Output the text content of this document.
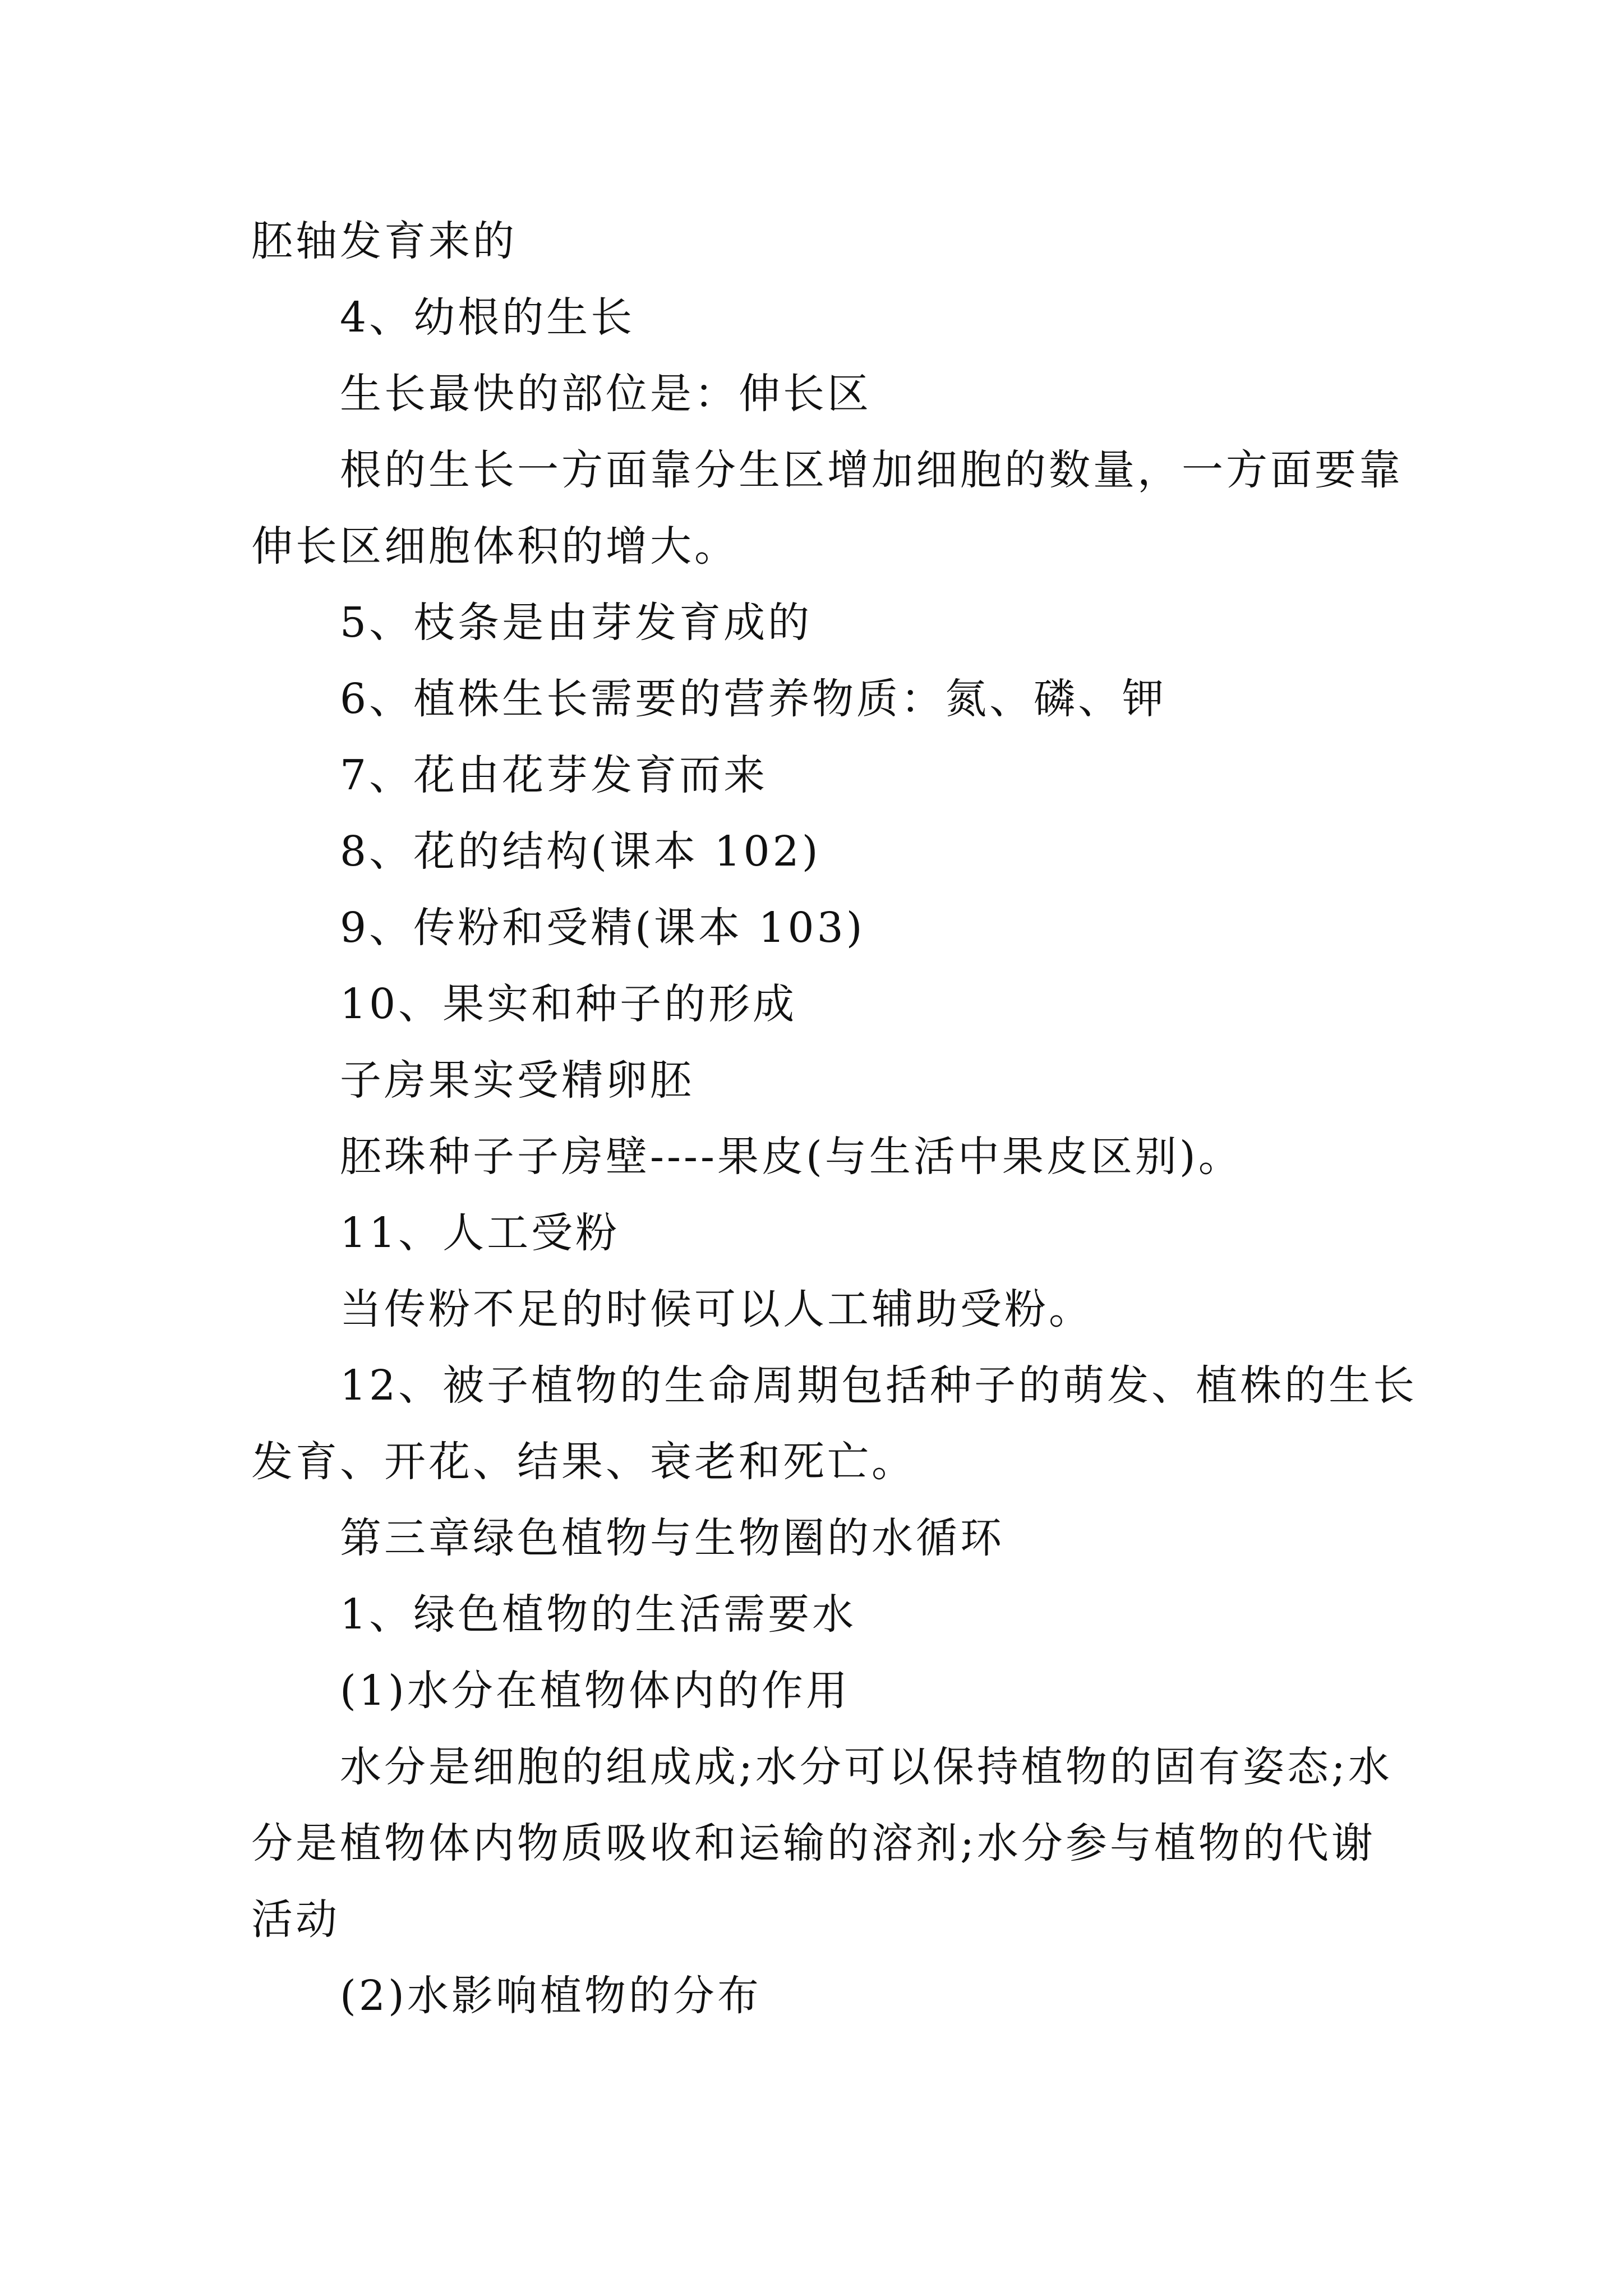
胚轴发育来的

4、幼根的生长

生长最快的部位是：伸长区

根的生长一方面靠分生区增加细胞的数量，一方面要靠

伸长区细胞体积的增大。

5、枝条是由芽发育成的

6、植株生长需要的营养物质：氮、磷、钾

7、花由花芽发育而来

8、花的结构(课本 102)

9、传粉和受精(课本 103)

10、果实和种子的形成

子房果实受精卵胚

胚珠种子子房壁----果皮(与生活中果皮区别)。

11、人工受粉

当传粉不足的时候可以人工辅助受粉。

12、被子植物的生命周期包括种子的萌发、植株的生长

发育、开花、结果、衰老和死亡。

第三章绿色植物与生物圈的水循环

1、绿色植物的生活需要水

(1)水分在植物体内的作用

水分是细胞的组成成;水分可以保持植物的固有姿态;水

分是植物体内物质吸收和运输的溶剂;水分参与植物的代谢

活动

(2)水影响植物的分布
